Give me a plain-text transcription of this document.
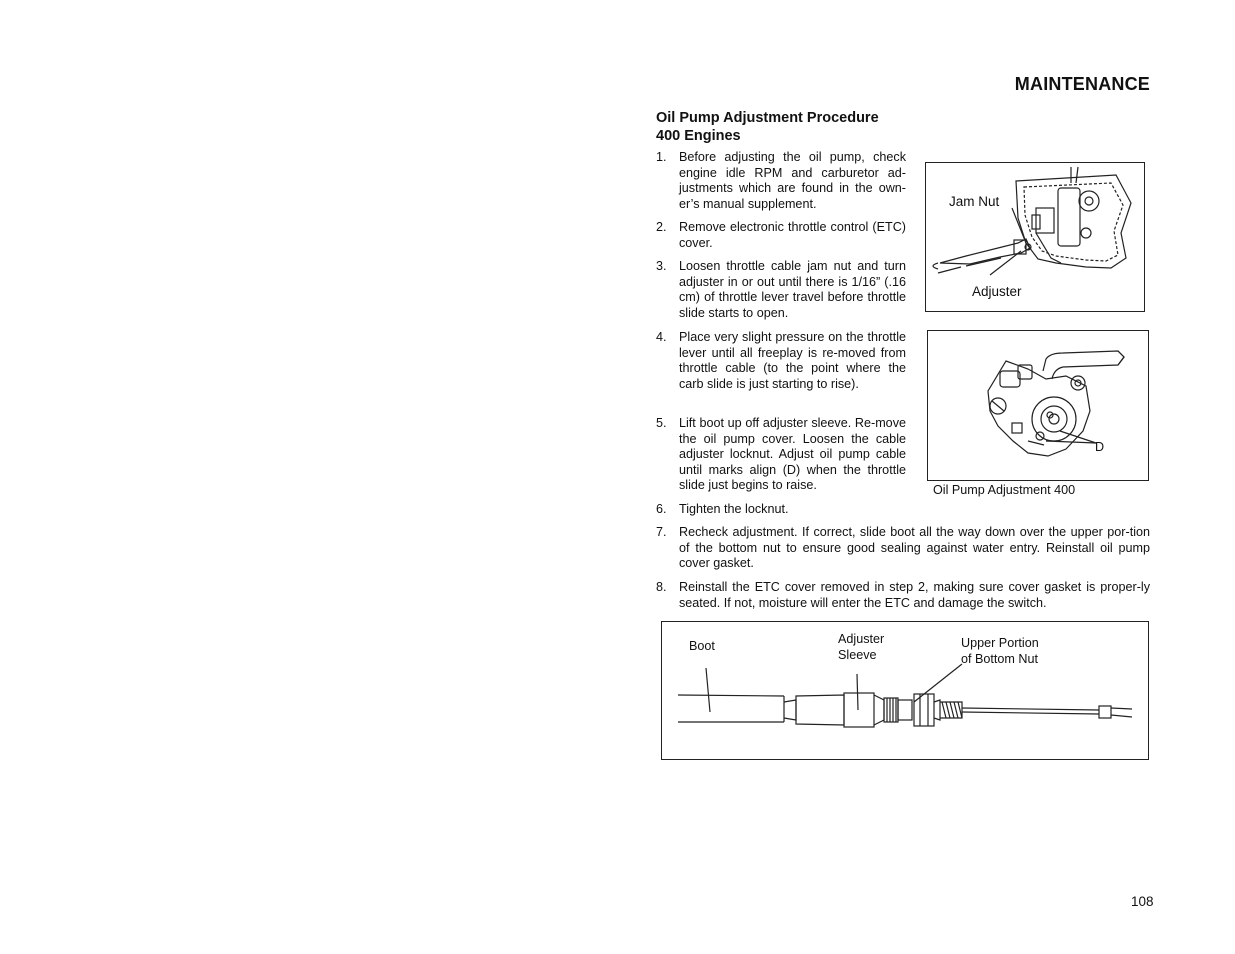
MAINTENANCE
Oil Pump Adjustment Procedure
400 Engines
1. Before adjusting the oil pump, check engine idle RPM and carburetor ad-justments which are found in the own-er’s manual supplement.
2. Remove electronic throttle control (ETC) cover.
3. Loosen throttle cable jam nut and turn adjuster in or out until there is 1/16” (.16 cm) of throttle lever travel before throttle slide starts to open.
4. Place very slight pressure on the throttle lever until all freeplay is re-moved from throttle cable (to the point where the carb slide is just starting to rise).
5. Lift boot up off adjuster sleeve. Re-move the oil pump cover. Loosen the cable adjuster locknut. Adjust oil pump cable until marks align (D) when the throttle slide just begins to raise.
6. Tighten the locknut.
7. Recheck adjustment. If correct, slide boot all the way down over the upper por-tion of the bottom nut to ensure good sealing against water entry. Reinstall oil pump cover gasket.
8. Reinstall the ETC cover removed in step 2, making sure cover gasket is proper-ly seated. If not, moisture will enter the ETC and damage the switch.
Jam Nut
Adjuster
D
Oil Pump Adjustment 400
Boot	Adjuster
Sleeve
Upper Portion
of Bottom Nut
108
